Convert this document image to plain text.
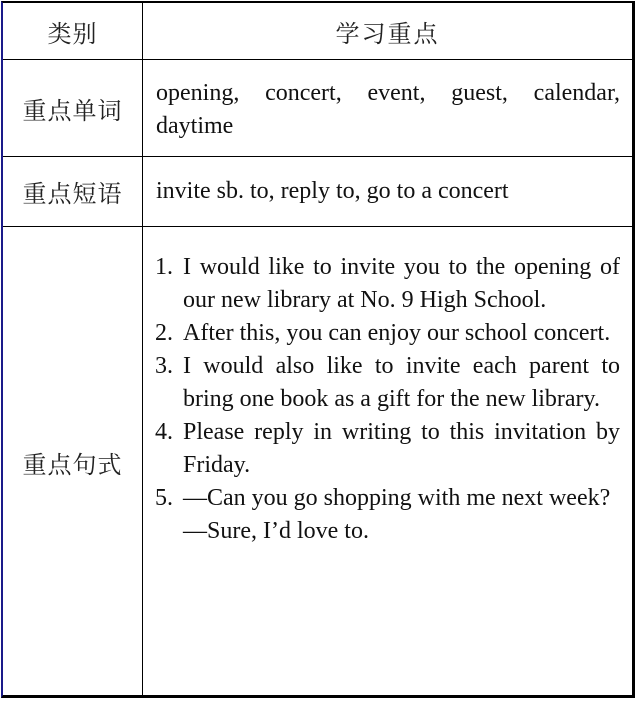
类别	学习重点
重点单词
opening, concert, event, guest, calendar, daytime
重点短语	invite sb. to, reply to, go to a concert
重点句式
1. I would like to invite you to the opening of our new library at No. 9 High School.
2. After this, you can enjoy our school concert.
3. I would also like to invite each parent to bring one book as a gift for the new library.
4. Please reply in writing to this invitation by Friday.
5. —Can you go shopping with me next week?
—Sure, I’d love to.
